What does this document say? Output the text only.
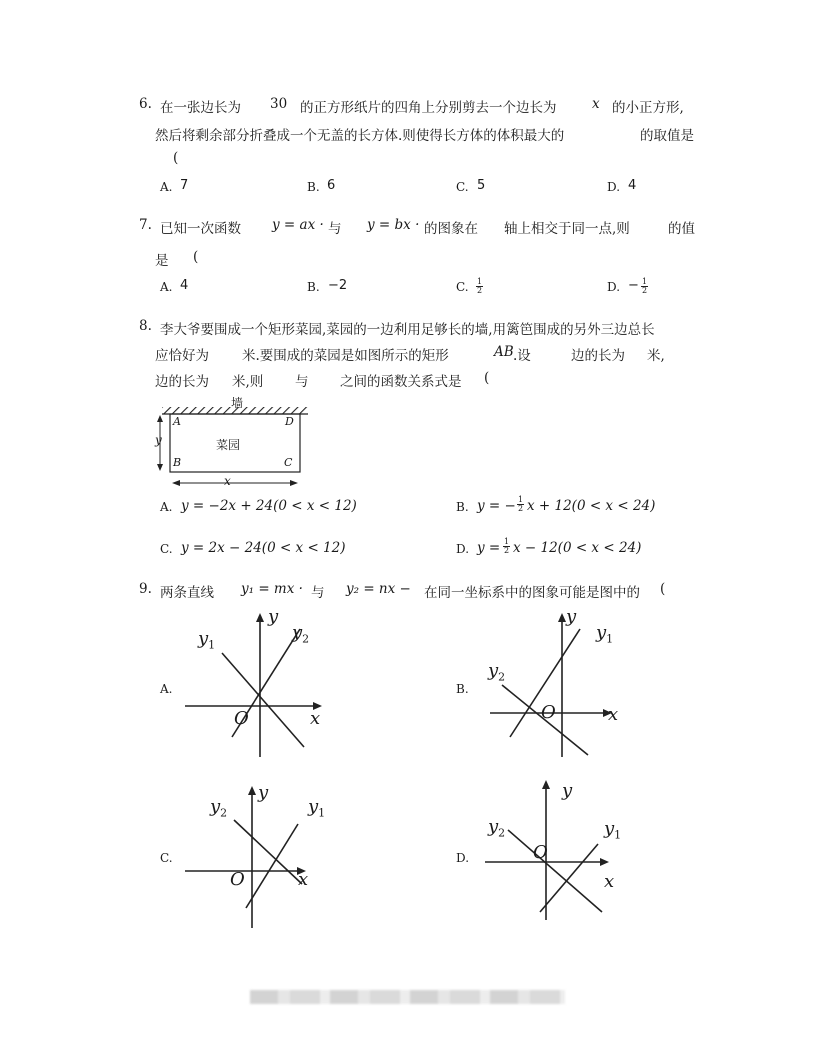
6. 在一张边长为 30 的正方形纸片的四角上分别剪去一个边长为	x 的小正方形,
然后将剩余部分折叠成一个无盖的长方体.则使得长方体的体积最大的	的取值是
(
A. 7	B. 6	C. 5	D. 4
7. 已知一次函数 y = ax · 与 y = bx · 的图象在 轴上相交于同一点,则	的值
是 (
A. 4	B. −2	C. $\frac{1}{2}$	D. − $\frac{1}{2}$
8. 李大爷要围成一个矩形菜园,菜园的一边利用足够长的墙,用篱笆围成的另外三边总长
应恰好为 米.要围成的菜园是如图所示的矩形	AB .设	边的长为 米,
边的长为 米,则 与 之间的函数关系式是 (
墙
菜园
A	D
B	C
y
x
A. y = −2x + 24(0 < x < 12)	B. y = − $\frac{1}{2}$ x + 12(0 < x < 24)
C. y = 2x − 24(0 < x < 12)	D. $y = \frac{1}{2}$ x − 12(0 < x < 24)
9. 两条直线 y₁ = mx · 与 y₂ = nx − 在同一坐标系中的图象可能是图中的 (
A.
y
x
O
$y_1$
$y_2$
B.
y
x
O
$y_1$
$y_2$
C.
y
x
O
$y_1$
$y_2$
D.
y
x
O
$y_1$
$y_2$
